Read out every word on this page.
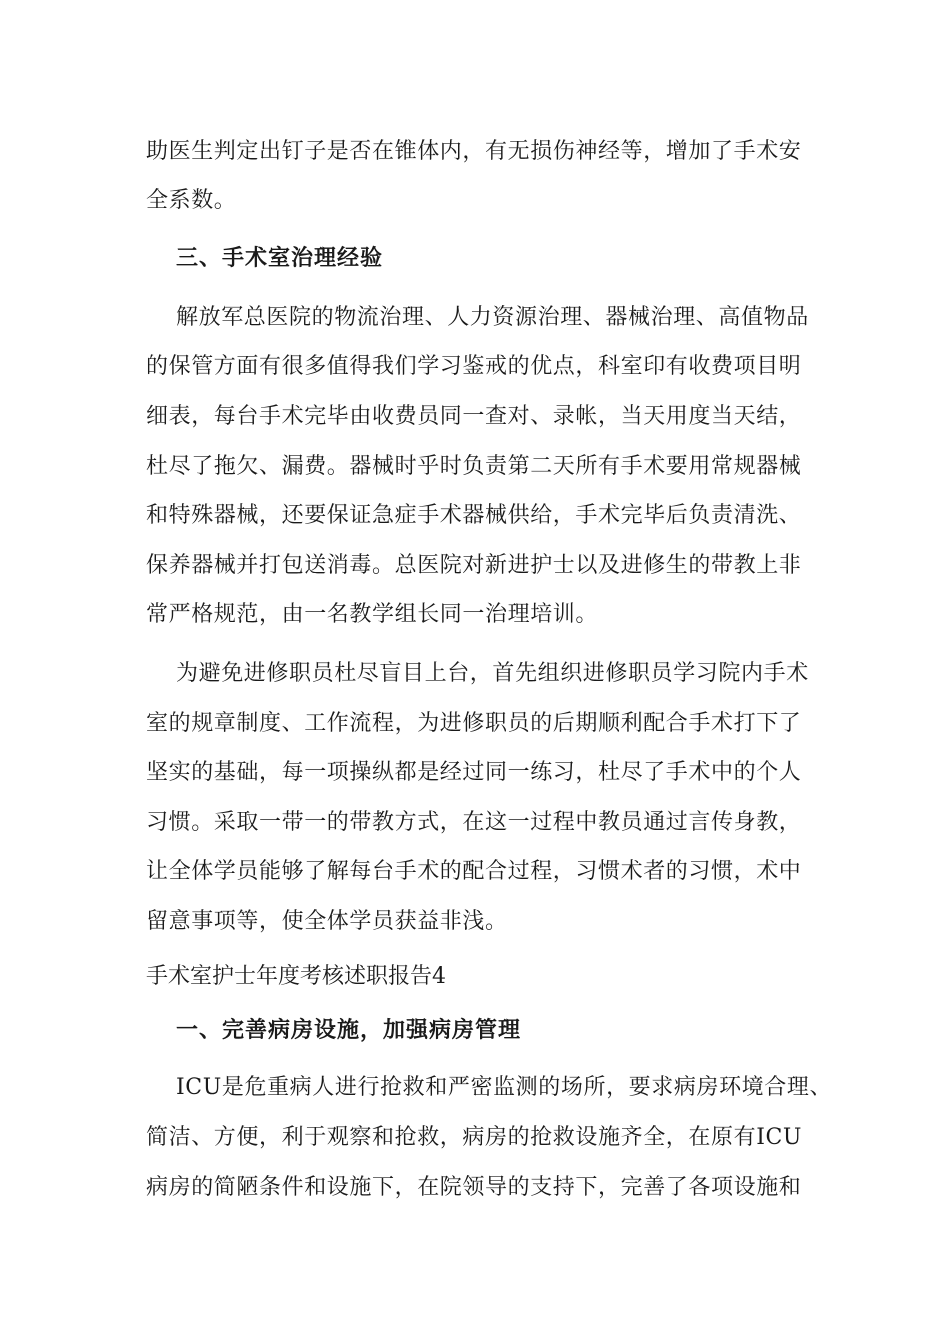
助医生判定出钉子是否在锥体内，有无损伤神经等，增加了手术安
全系数。
三、手术室治理经验
解放军总医院的物流治理、人力资源治理、器械治理、高值物品
的保管方面有很多值得我们学习鉴戒的优点，科室印有收费项目明
细表，每台手术完毕由收费员同一查对、录帐，当天用度当天结，
杜尽了拖欠、漏费。器械时乎时负责第二天所有手术要用常规器械
和特殊器械，还要保证急症手术器械供给，手术完毕后负责清洗、
保养器械并打包送消毒。总医院对新进护士以及进修生的带教上非
常严格规范，由一名教学组长同一治理培训。
为避免进修职员杜尽盲目上台，首先组织进修职员学习院内手术
室的规章制度、工作流程，为进修职员的后期顺利配合手术打下了
坚实的基础，每一项操纵都是经过同一练习，杜尽了手术中的个人
习惯。采取一带一的带教方式，在这一过程中教员通过言传身教，
让全体学员能够了解每台手术的配合过程，习惯术者的习惯，术中
留意事项等，使全体学员获益非浅。
手术室护士年度考核述职报告4
一、完善病房设施，加强病房管理
ICU是危重病人进行抢救和严密监测的场所，要求病房环境合理、
简洁、方便，利于观察和抢救，病房的抢救设施齐全，在原有ICU
病房的简陋条件和设施下，在院领导的支持下，完善了各项设施和
